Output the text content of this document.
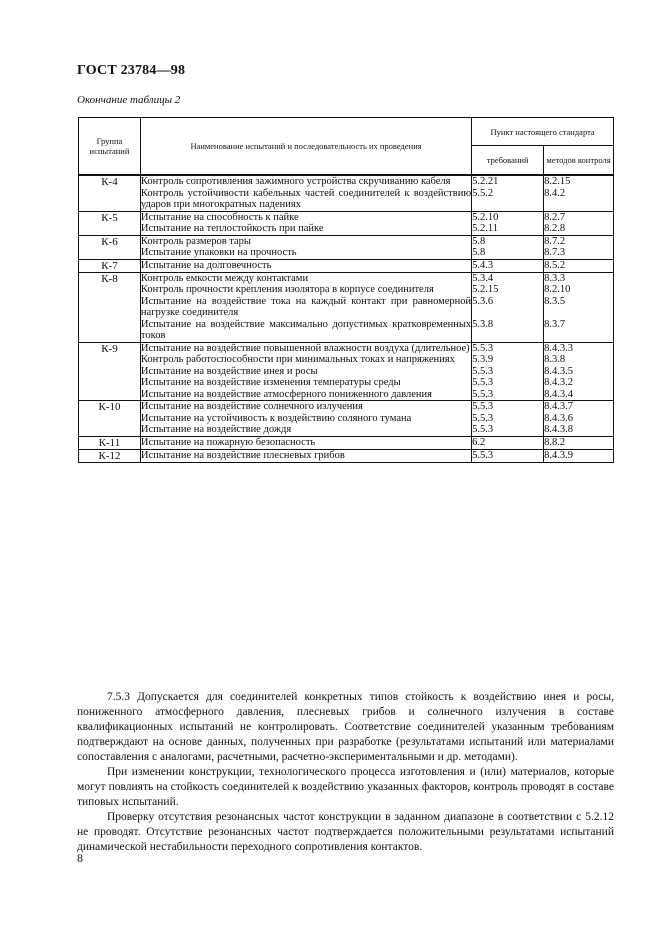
ГОСТ 23784—98
Окончание таблицы 2
Группа испытаний	Наименование испытаний и последовательность их проведения	Пункт настоящего стандарта	
		требований	методов контроля
К-4	Контроль сопротивления зажимного устройства скручиванию кабеля	5.2.21	8.2.15
	Контроль устойчивости кабельных частей соединителей к воздействию ударов при многократных падениях	5.5.2	8.4.2
К-5	Испытание на способность к пайке	5.2.10	8.2.7
	Испытание на теплостойкость при пайке	5.2.11	8.2.8
К-6	Контроль размеров тары	5.8	8.7.2
	Испытание упаковки на прочность	5.8	8.7.3
К-7	Испытание на долговечность	5.4.3	8.5.2
К-8	Контроль емкости между контактами	5.3.4	8.3.3
	Контроль прочности крепления изолятора в корпусе соединителя	5.2.15	8.2.10
	Испытание на воздействие тока на каждый контакт при равномерной нагрузке соединителя	5.3.6	8.3.5
	Испытание на воздействие максимально допустимых кратковременных токов	5.3.8	8.3.7
К-9	Испытание на воздействие повышенной влажности воздуха (длительное)	5.5.3	8.4.3.3
	Контроль работоспособности при минимальных токах и напряжениях	5.3.9	8.3.8
	Испытание на воздействие инея и росы	5.5.3	8.4.3.5
	Испытание на воздействие изменения температуры среды	5.5.3	8.4.3.2
	Испытание на воздействие атмосферного пониженного давления	5.5.3	8.4.3.4
К-10	Испытание на воздействие солнечного излучения	5.5.3	8.4.3.7
	Испытание на устойчивость к воздействию соляного тумана	5.5.3	8.4.3.6
	Испытание на воздействие дождя	5.5.3	8.4.3.8
К-11	Испытание на пожарную безопасность	6.2	8.8.2
К-12	Испытание на воздействие плесневых грибов	5.5.3	8.4.3.9

7.5.3 Допускается для соединителей конкретных типов стойкость к воздействию инея и росы, пониженного атмосферного давления, плесневых грибов и солнечного излучения в составе квалификационных испытаний не контролировать. Соответствие соединителей указанным требованиям подтверждают на основе данных, полученных при разработке (результатами испытаний или материалами сопоставления с аналогами, расчетными, расчетно-экспериментальными и др. методами).

При изменении конструкции, технологического процесса изготовления и (или) материалов, которые могут повлиять на стойкость соединителей к воздействию указанных факторов, контроль проводят в составе типовых испытаний.

Проверку отсутствия резонансных частот конструкции в заданном диапазоне в соответствии с 5.2.12 не проводят. Отсутствие резонансных частот подтверждается положительными результатами испытаний динамической нестабильности переходного сопротивления контактов.

8
